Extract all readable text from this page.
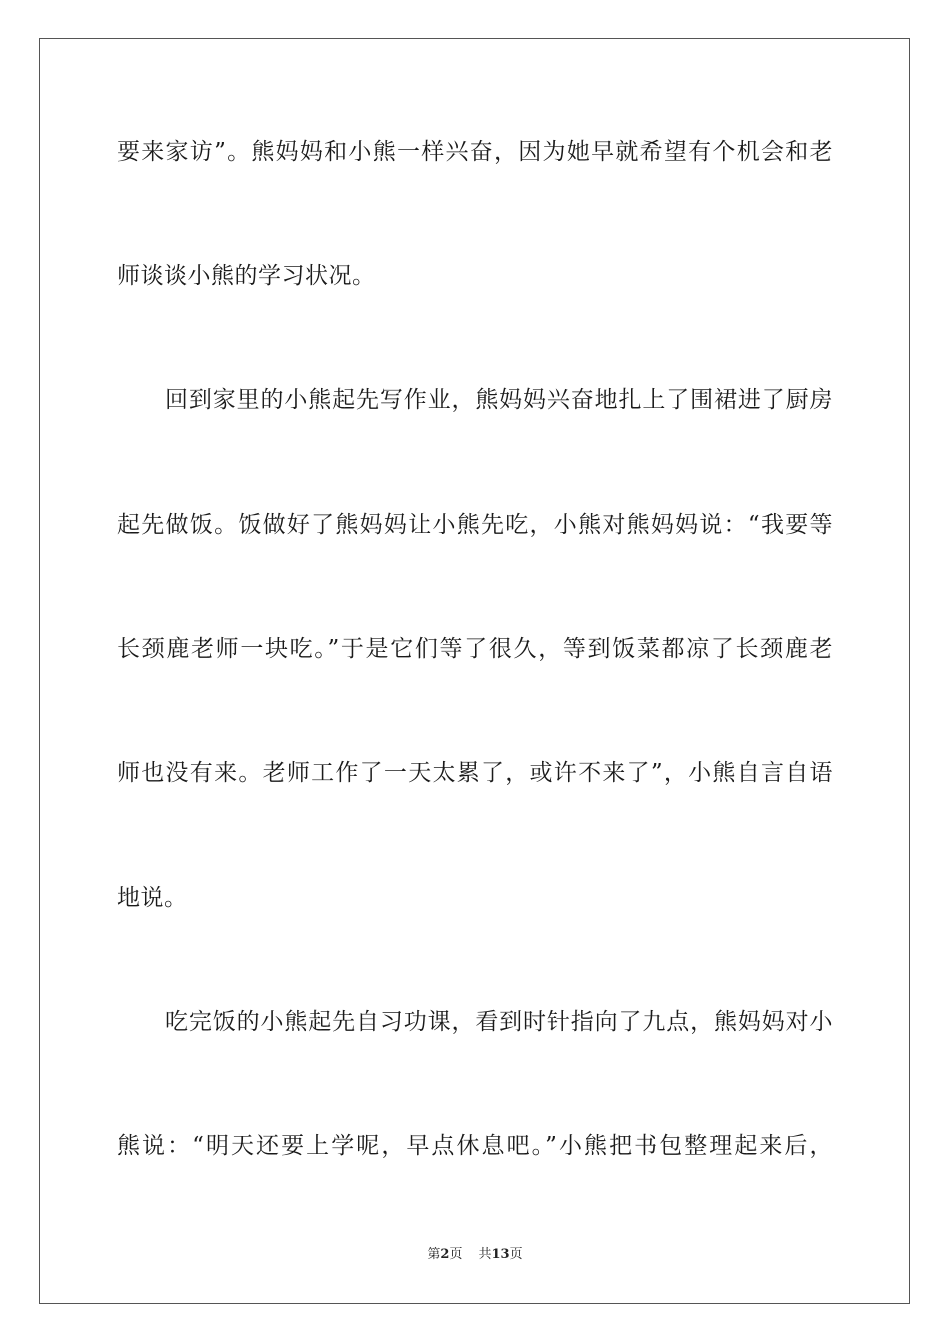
要来家访”。熊妈妈和小熊一样兴奋，因为她早就希望有个机会和老
师谈谈小熊的学习状况。
回到家里的小熊起先写作业，熊妈妈兴奋地扎上了围裙进了厨房
起先做饭。饭做好了熊妈妈让小熊先吃，小熊对熊妈妈说：“我要等
长颈鹿老师一块吃。”于是它们等了很久，等到饭菜都凉了长颈鹿老
师也没有来。老师工作了一天太累了，或许不来了”，小熊自言自语
地说。
吃完饭的小熊起先自习功课，看到时针指向了九点，熊妈妈对小
熊说：“明天还要上学呢，早点休息吧。”小熊把书包整理起来后，
第2页 共13页
